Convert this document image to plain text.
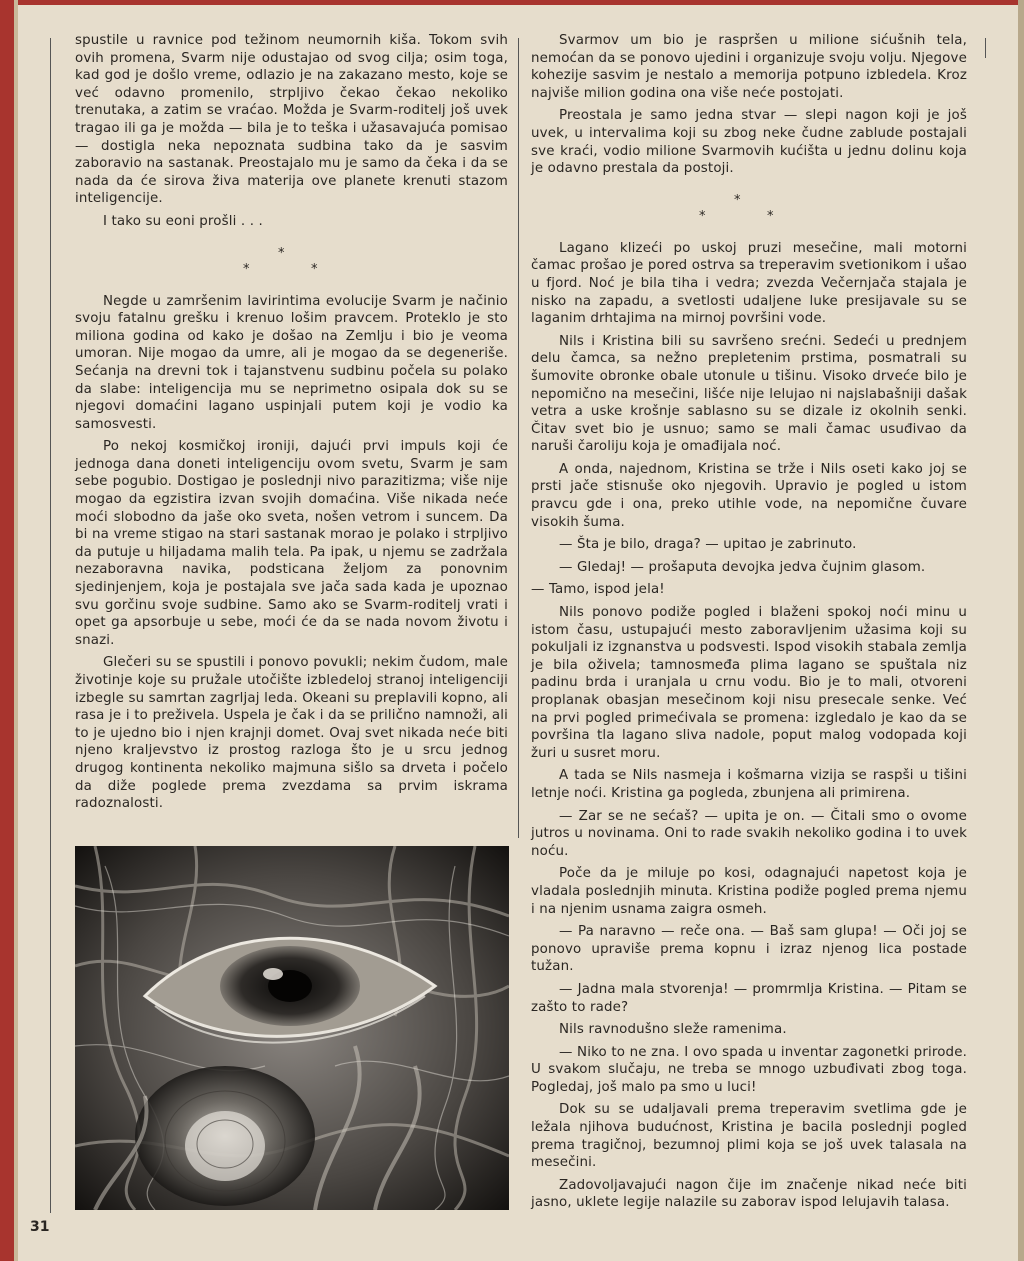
spustile u ravnice pod težinom neumornih kiša. Tokom svih ovih promena, Svarm nije odustajao od svog cilja; osim toga, kad god je došlo vreme, odlazio je na zakazano mesto, koje se već odavno promenilo, strpljivo čekao čekao nekoliko trenutaka, a zatim se vraćao. Možda je Svarm-roditelj još uvek tragao ili ga je možda — bila je to teška i užasavajuća pomisao — dostigla neka nepoznata sudbina tako da je sasvim zaboravio na sastanak. Preostajalo mu je samo da čeka i da se nada da će sirova živa materija ove planete krenuti stazom inteligencije.

I tako su eoni prošli . . .

*
*	*

Negde u zamršenim lavirintima evolucije Svarm je načinio svoju fatalnu grešku i krenuo lošim pravcem. Proteklo je sto miliona godina od kako je došao na Zemlju i bio je veoma umoran. Nije mogao da umre, ali je mogao da se degeneriše. Sećanja na drevni tok i tajanstvenu sudbinu počela su polako da slabe: inteligencija mu se neprimetno osipala dok su se njegovi domaćini lagano uspinjali putem koji je vodio ka samosvesti.

Po nekoj kosmičkoj ironiji, dajući prvi impuls koji će jednoga dana doneti inteligenciju ovom svetu, Svarm je sam sebe pogubio. Dostigao je poslednji nivo parazitizma; više nije mogao da egzistira izvan svojih domaćina. Više nikada neće moći slobodno da jaše oko sveta, nošen vetrom i suncem. Da bi na vreme stigao na stari sastanak morao je polako i strpljivo da putuje u hiljadama malih tela. Pa ipak, u njemu se zadržala nezaboravna navika, podsticana željom za ponovnim sjedinjenjem, koja je postajala sve jača sada kada je upoznao svu gorčinu svoje sudbine. Samo ako se Svarm-roditelj vrati i opet ga apsorbuje u sebe, moći će da se nada novom životu i snazi.

Glečeri su se spustili i ponovo povukli; nekim čudom, male životinje koje su pružale utočište izbledeloj stranoj inteligenciji izbegle su samrtan zagrljaj leda. Okeani su preplavili kopno, ali rasa je i to preživela. Uspela je čak i da se prilično namnoži, ali to je ujedno bio i njen krajnji domet. Ovaj svet nikada neće biti njeno kraljevstvo iz prostog razloga što je u srcu jednog drugog kontinenta nekoliko majmuna sišlo sa drveta i počelo da diže poglede prema zvezdama sa prvim iskrama radoznalosti.

Svarmov um bio je raspršen u milione sićušnih tela, nemoćan da se ponovo ujedini i organizuje svoju volju. Njegove kohezije sasvim je nestalo a memorija potpuno izbledela. Kroz najviše milion godina ona više neće postojati.

Preostala je samo jedna stvar — slepi nagon koji je još uvek, u intervalima koji su zbog neke čudne zablude postajali sve kraći, vodio milione Svarmovih kućišta u jednu dolinu koja je odavno prestala da postoji.

*
*	*

Lagano klizeći po uskoj pruzi mesečine, mali motorni čamac prošao je pored ostrva sa treperavim svetionikom i ušao u fjord. Noć je bila tiha i vedra; zvezda Večernjača stajala je nisko na zapadu, a svetlosti udaljene luke presijavale su se laganim drhtajima na mirnoj površini vode.

Nils i Kristina bili su savršeno srećni. Sedeći u prednjem delu čamca, sa nežno prepletenim prstima, posmatrali su šumovite obronke obale utonule u tišinu. Visoko drveće bilo je nepomično na mesečini, lišće nije lelujao ni najslabašniji dašak vetra a uske krošnje sablasno su se dizale iz okolnih senki. Čitav svet bio je usnuo; samo se mali čamac usuđivao da naruši čaroliju koja je omađijala noć.

A onda, najednom, Kristina se trže i Nils oseti kako joj se prsti jače stisnuše oko njegovih. Upravio je pogled u istom pravcu gde i ona, preko utihle vode, na nepomične čuvare visokih šuma.

— Šta je bilo, draga? — upitao je zabrinuto.

— Gledaj! — prošaputa devojka jedva čujnim glasom.

— Tamo, ispod jela!

Nils ponovo podiže pogled i blaženi spokoj noći minu u istom času, ustupajući mesto zaboravljenim užasima koji su pokuljali iz izgnanstva u podsvesti. Ispod visokih stabala zemlja je bila oživela; tamnosmeđa plima lagano se spuštala niz padinu brda i uranjala u crnu vodu. Bio je to mali, otvoreni proplanak obasjan mesečinom koji nisu presecale senke. Već na prvi pogled primećivala se promena: izgledalo je kao da se površina tla lagano sliva nadole, poput malog vodopada koji žuri u susret moru.

A tada se Nils nasmeja i košmarna vizija se raspši u tišini letnje noći. Kristina ga pogleda, zbunjena ali primirena.

— Zar se ne sećaš? — upita je on. — Čitali smo o ovome jutros u novinama. Oni to rade svakih nekoliko godina i to uvek noću.

Poče da je miluje po kosi, odagnajući napetost koja je vladala poslednjih minuta. Kristina podiže pogled prema njemu i na njenim usnama zaigra osmeh.

— Pa naravno — reče ona. — Baš sam glupa! — Oči joj se ponovo upraviše prema kopnu i izraz njenog lica postade tužan.

— Jadna mala stvorenja! — promrmlja Kristina. — Pitam se zašto to rade?

Nils ravnodušno sleže ramenima.

— Niko to ne zna. I ovo spada u inventar zagonetki prirode. U svakom slučaju, ne treba se mnogo uzbuđivati zbog toga. Pogledaj, još malo pa smo u luci!

Dok su se udaljavali prema treperavim svetlima gde je ležala njihova budućnost, Kristina je bacila poslednji pogled prema tragičnoj, bezumnoj plimi koja se još uvek talasala na mesečini.

Zadovoljavajući nagon čije im značenje nikad neće biti jasno, uklete legije nalazile su zaborav ispod lelujavih talasa.

31
